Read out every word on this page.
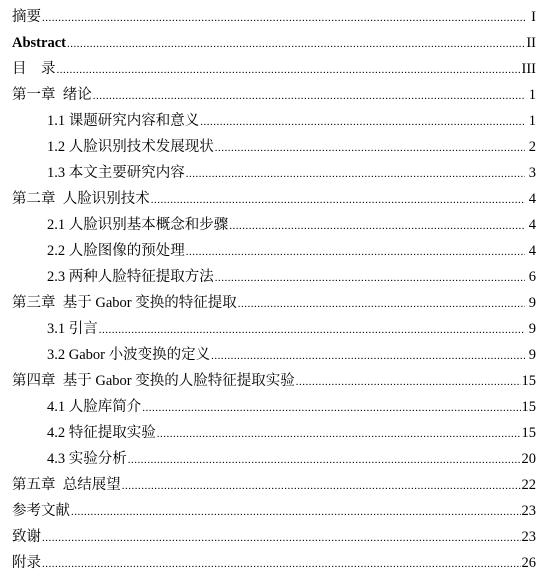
摘要 .....	I
Abstract .....	II
目    录 .....	III
第一章  绪论 .....	1
1.1 课题研究内容和意义 .....	1
1.2 人脸识别技术发展现状 .....	2
1.3 本文主要研究内容 .....	3
第二章  人脸识别技术 .....	4
2.1 人脸识别基本概念和步骤 .....	4
2.2 人脸图像的预处理 .....	4
2.3 两种人脸特征提取方法 .....	6
第三章  基于 Gabor 变换的特征提取 .....	9
3.1 引言 .....	9
3.2 Gabor 小波变换的定义 .....	9
第四章  基于 Gabor 变换的人脸特征提取实验 .....	15
4.1 人脸库简介 .....	15
4.2 特征提取实验 .....	15
4.3 实验分析 .....	20
第五章  总结展望 .....	22
参考文献 .....	23
致谢 .....	23
附录 .....	26
